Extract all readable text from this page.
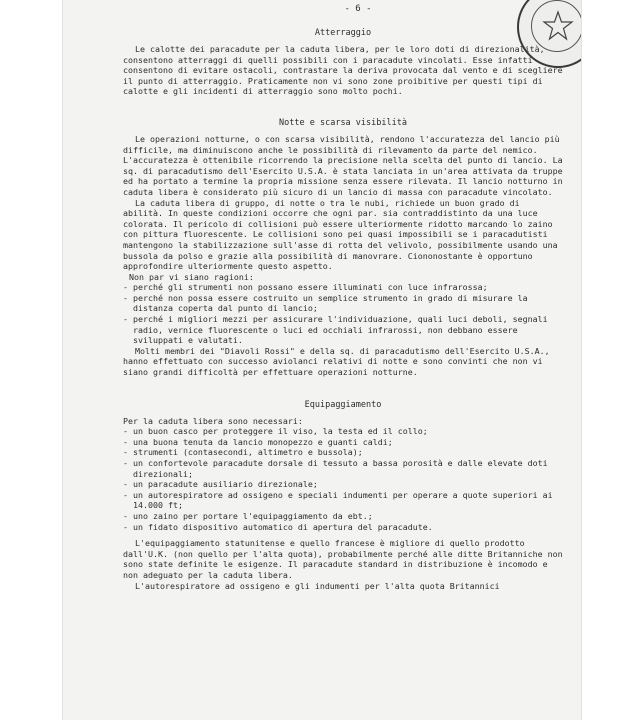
- 6 -
Atterraggio

Le calotte dei paracadute per la caduta libera, per le loro doti di direzionalità, consentono atterraggi di quelli possibili con i paracadute vincolati. Esse infatti consentono di evitare ostacoli, contrastare la deriva provocata dal vento e di scegliere il punto di atterraggio. Praticamente non vi sono zone proibitive per questi tipi di calotte e gli incidenti di atterraggio sono molto pochi.

Notte e scarsa visibilità

Le operazioni notturne, o con scarsa visibilità, rendono l'accuratezza del lancio più difficile, ma diminuiscono anche le possibilità di rilevamento da parte del nemico. L'accuratezza è ottenibile ricorrendo la precisione nella scelta del punto di lancio. La sq. di paracadutismo dell'Esercito U.S.A. è stata lanciata in un'area attivata da truppe ed ha portato a termine la propria missione senza essere rilevata. Il lancio notturno in caduta libera è considerato più sicuro di un lancio di massa con paracadute vincolato.

La caduta libera di gruppo, di notte o tra le nubi, richiede un buon grado di abilità. In queste condizioni occorre che ogni par. sia contraddistinto da una luce colorata. Il pericolo di collisioni può essere ulteriormente ridotto marcando lo zaino con pittura fluorescente. Le collisioni sono pei quasi impossibili se i paracadutisti mantengono la stabilizzazione sull'asse di rotta del velivolo, possibilmente usando una bussola da polso e grazie alla possibilità di manovrare. Ciononostante è opportuno approfondire ulteriormente questo aspetto.

Non par vi siano ragioni:

- perché gli strumenti non possano essere illuminati con luce infrarossa;
- perché non possa essere costruito un semplice strumento in grado di misurare la distanza coperta dal punto di lancio;
- perché i migliori mezzi per assicurare l'individuazione, quali luci deboli, segnali radio, vernice fluorescente o luci ed occhiali infrarossi, non debbano essere sviluppati e valutati.

Molti membri dei "Diavoli Rossi" e della sq. di paracadutismo dell'Esercito U.S.A., hanno effettuato con successo aviolanci relativi di notte e sono convinti che non vi siano grandi difficoltà per effettuare operazioni notturne.

Equipaggiamento

Per la caduta libera sono necessari:

- un buon casco per proteggere il viso, la testa ed il collo;
- una buona tenuta da lancio monopezzo e guanti caldi;
- strumenti (contasecondi, altimetro e bussola);
- un confortevole paracadute dorsale di tessuto a bassa porosità e dalle elevate doti direzionali;
- un paracadute ausiliario direzionale;
- un autorespiratore ad ossigeno e speciali indumenti per operare a quote superiori ai 14.000 ft;
- uno zaino per portare l'equipaggiamento da ebt.;
- un fidato dispositivo automatico di apertura del paracadute.

L'equipaggiamento statunitense e quello francese è migliore di quello prodotto dall'U.K. (non quello per l'alta quota), probabilmente perché alle ditte Britanniche non sono state definite le esigenze. Il paracadute standard in distribuzione è incomodo e non adeguato per la caduta libera.

L'autorespiratore ad ossigeno e gli indumenti per l'alta quota Britannici
